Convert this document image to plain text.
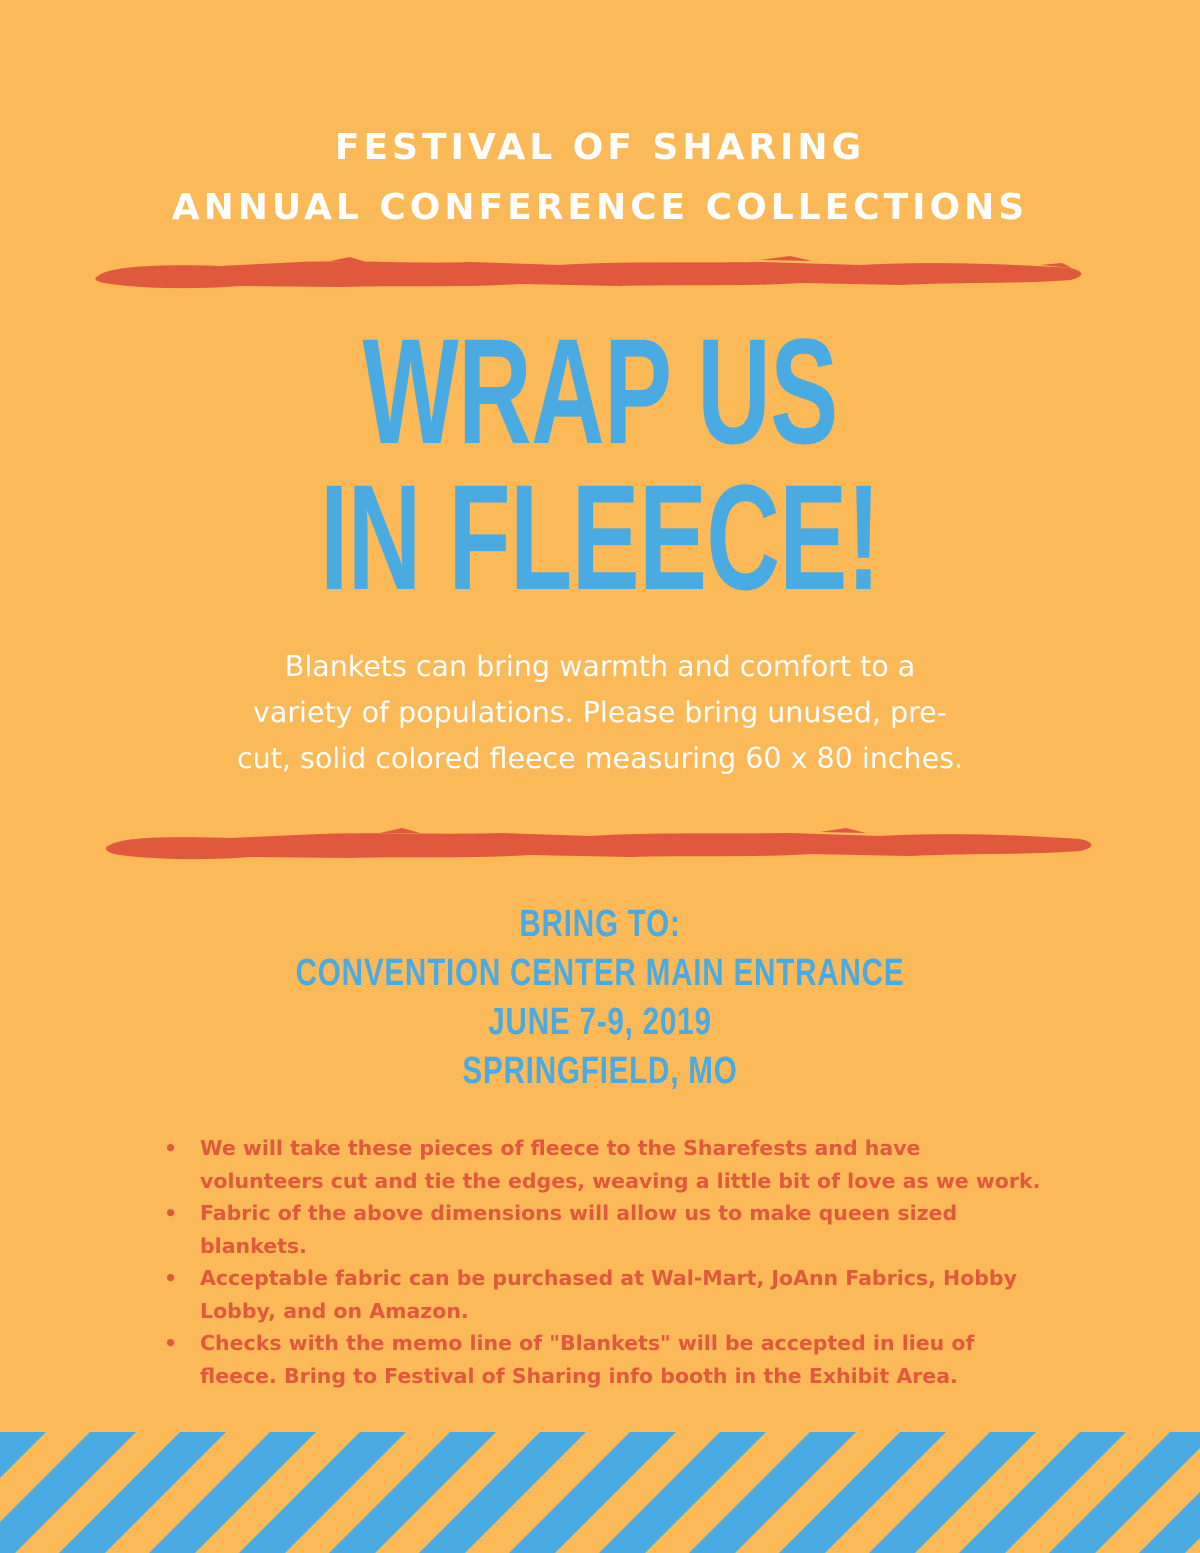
FESTIVAL OF SHARING
ANNUAL CONFERENCE COLLECTIONS
WRAP US
IN FLEECE!
Blankets can bring warmth and comfort to a
variety of populations. Please bring unused, pre-
cut, solid colored fleece measuring 60 x 80 inches.
BRING TO:
CONVENTION CENTER MAIN ENTRANCE
JUNE 7-9, 2019
SPRINGFIELD, MO
• We will take these pieces of fleece to the Sharefests and have
volunteers cut and tie the edges, weaving a little bit of love as we work.
• Fabric of the above dimensions will allow us to make queen sized
blankets.
• Acceptable fabric can be purchased at Wal-Mart, JoAnn Fabrics, Hobby
Lobby, and on Amazon.
• Checks with the memo line of "Blankets" will be accepted in lieu of
fleece. Bring to Festival of Sharing info booth in the Exhibit Area.
